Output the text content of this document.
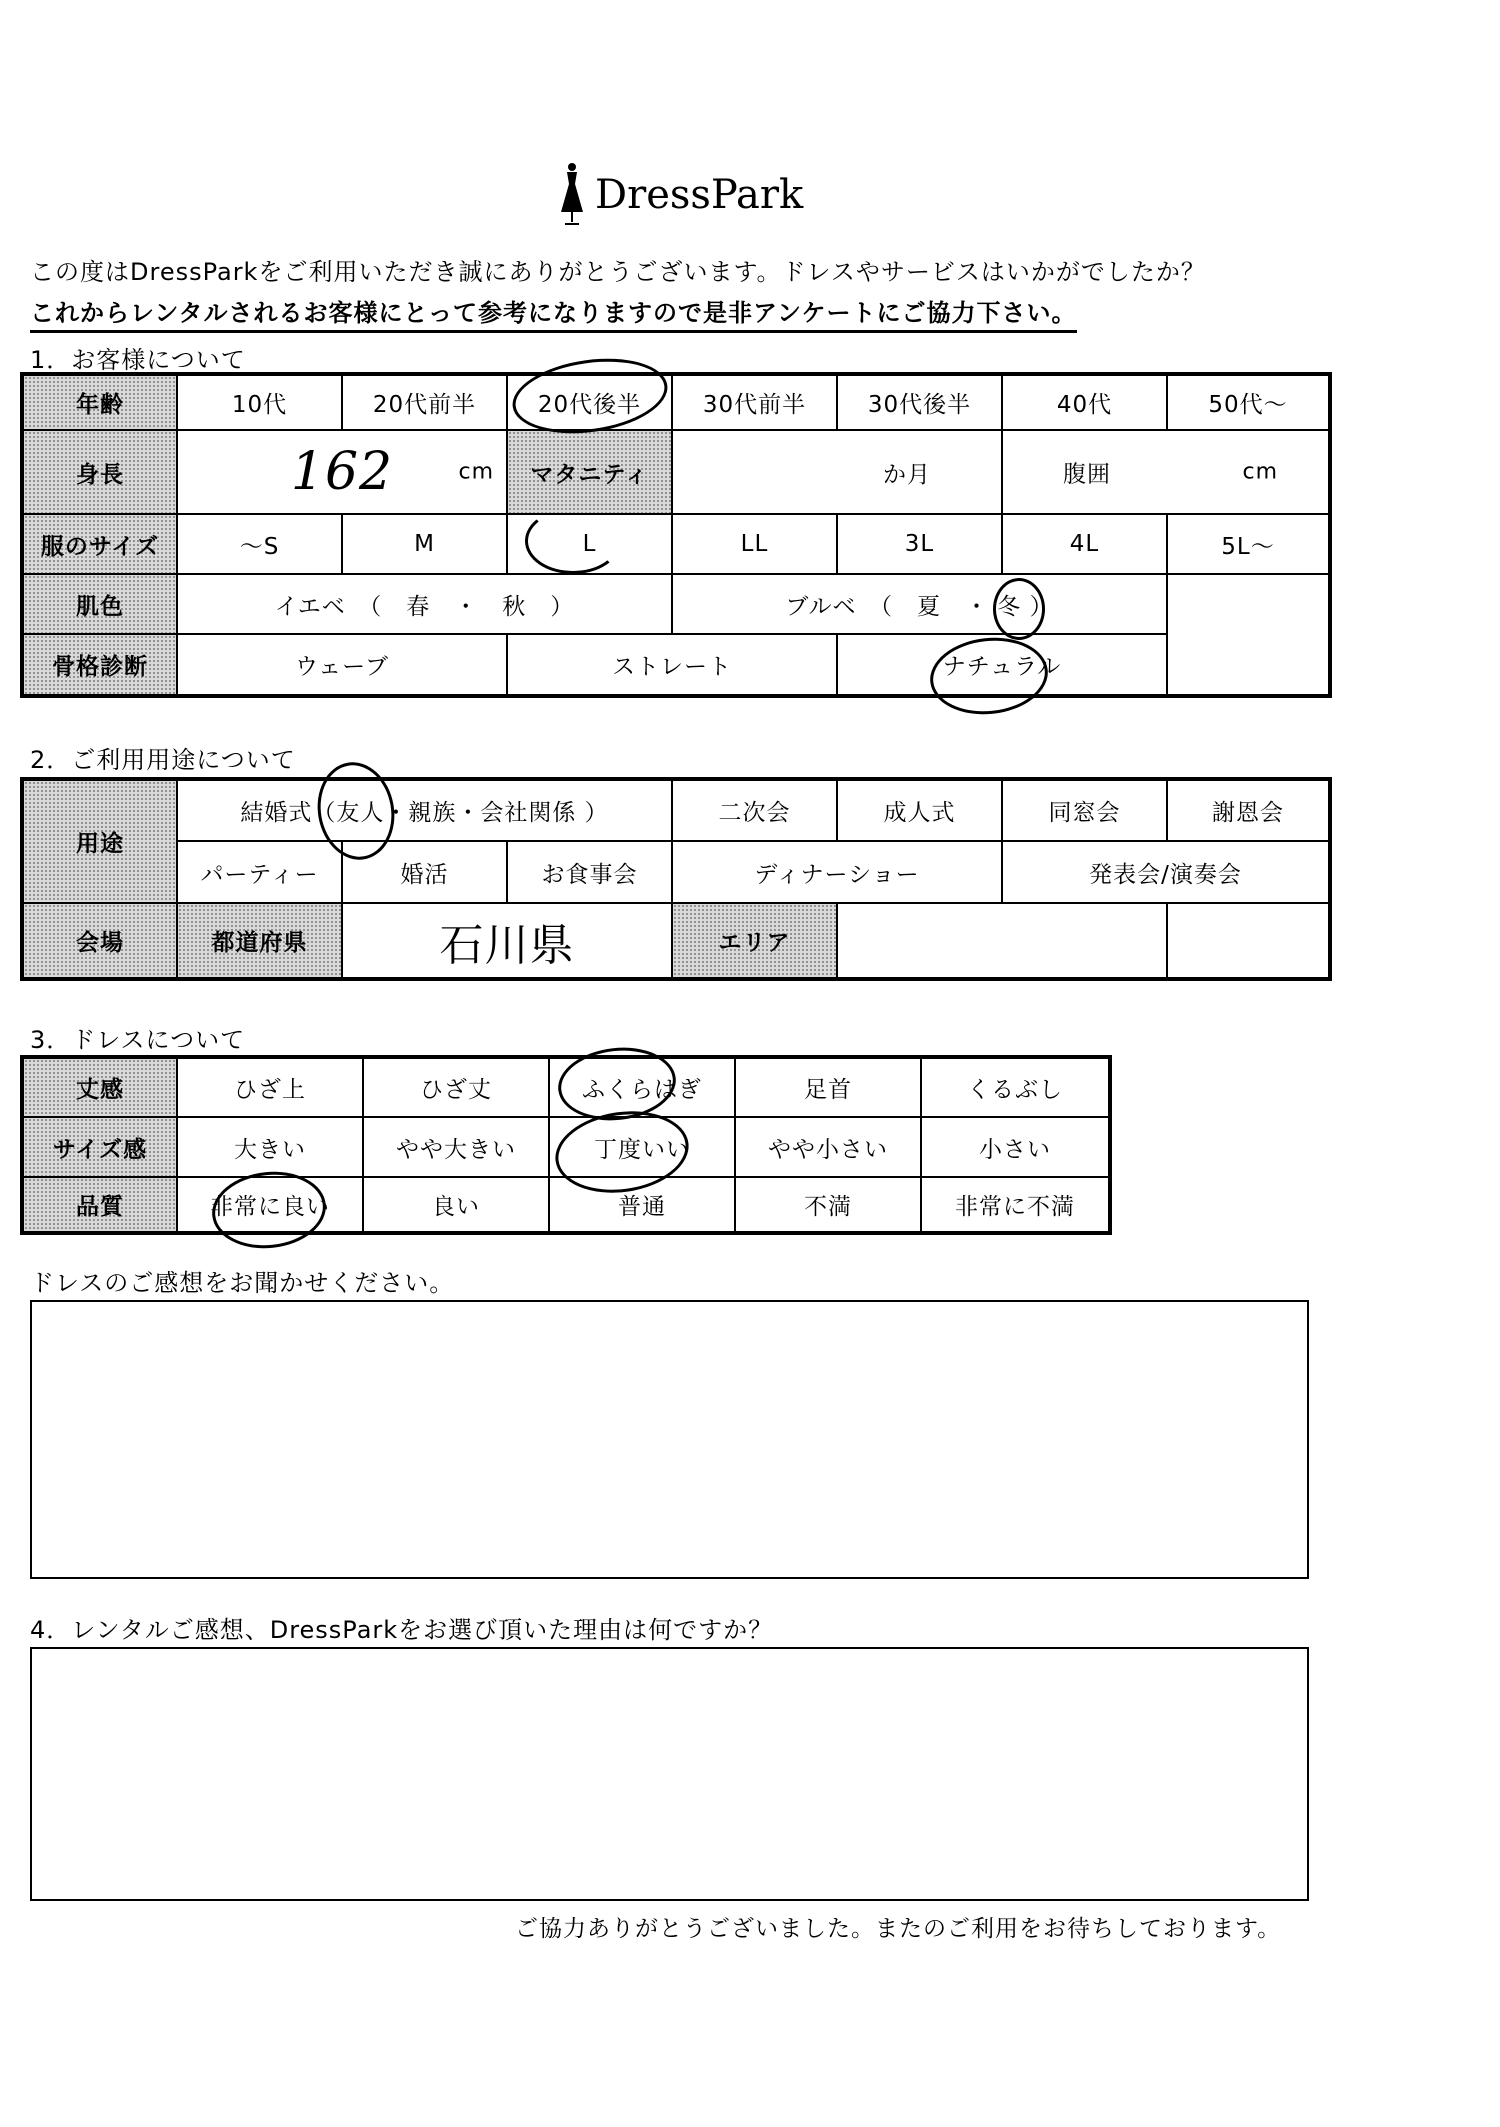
DressPark
この度はDressParkをご利用いただき誠にありがとうございます。ドレスやサービスはいかがでしたか？
これからレンタルされるお客様にとって参考になりますので是非アンケートにご協力下さい。
1．お客様について
年齢	10代	20代前半	20代後半	30代前半	30代後半	40代	50代～
身長	162 cm		マタニティ	か月		腹囲 cm	

服のサイズ	～S	M	L	LL	3L	4L	5L～
肌色	イエベ　（　春　・　秋　）			ブルベ　（　夏　・ 冬 ）			
骨格診断	ウェーブ		ストレート		ナチュラル		
2．ご利用用途について
用途	結婚式（友人・親族・会社関係 ）			二次会	成人式	同窓会	謝恩会
	パーティー	婚活	お食事会	ディナーショー		発表会/演奏会	
会場	都道府県	石川県		エリア			
3．ドレスについて
丈感	ひざ上	ひざ丈	ふくらはぎ	足首	くるぶし
サイズ感	大きい	やや大きい	丁度いい	やや小さい	小さい
品質	非常に良い	良い	普通	不満	非常に不満
ドレスのご感想をお聞かせください。
4．レンタルご感想、DressParkをお選び頂いた理由は何ですか？
ご協力ありがとうございました。またのご利用をお待ちしております。
